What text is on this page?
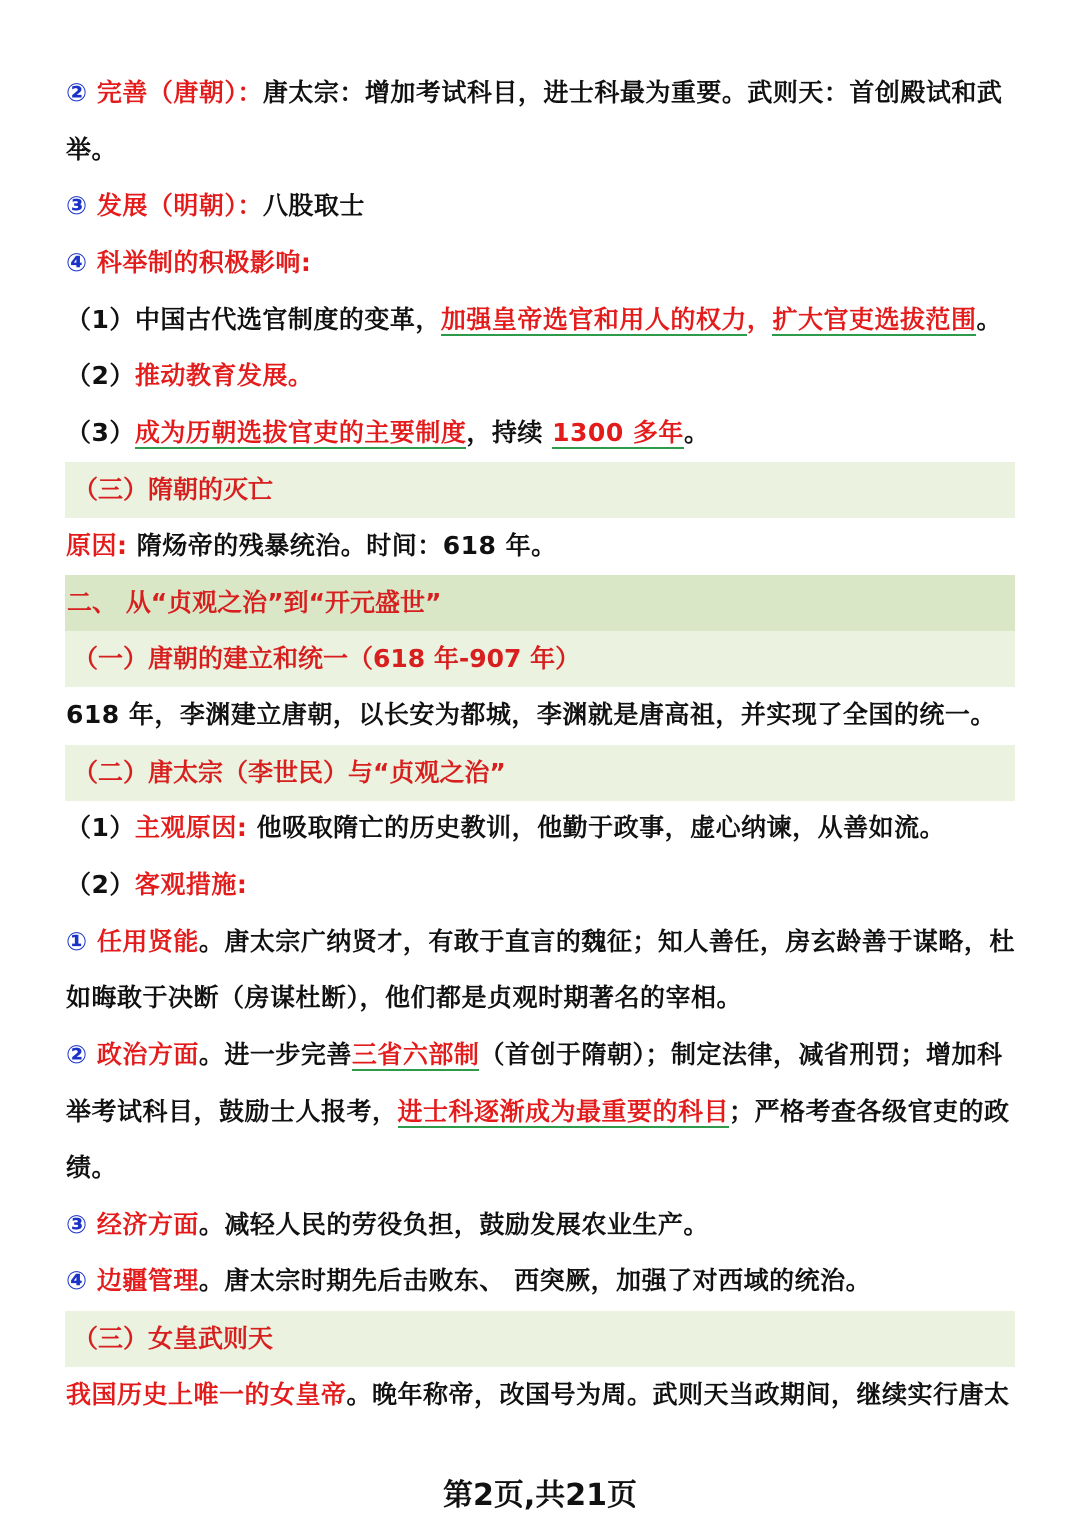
② 完善（唐朝）：唐太宗：增加考试科目，进士科最为重要。武则天：首创殿试和武
举。
③ 发展（明朝）：八股取士
④ 科举制的积极影响:
（1）中国古代选官制度的变革，加强皇帝选官和用人的权力，扩大官吏选拔范围。
（2）推动教育发展。
（3）成为历朝选拔官吏的主要制度，持续 1300 多年。
（三）隋朝的灭亡
原因: 隋炀帝的残暴统治。时间：618 年。
二、 从“贞观之治”到“开元盛世”
（一）唐朝的建立和统一（618 年-907 年）
618 年，李渊建立唐朝，以长安为都城，李渊就是唐高祖，并实现了全国的统一。
（二）唐太宗（李世民）与“贞观之治”
（1）主观原因: 他吸取隋亡的历史教训，他勤于政事，虚心纳谏，从善如流。
（2）客观措施:
① 任用贤能。唐太宗广纳贤才，有敢于直言的魏征；知人善任，房玄龄善于谋略，杜
如晦敢于决断（房谋杜断），他们都是贞观时期著名的宰相。
② 政治方面。进一步完善三省六部制（首创于隋朝）；制定法律，减省刑罚；增加科
举考试科目，鼓励士人报考，进士科逐渐成为最重要的科目；严格考查各级官吏的政
绩。
③ 经济方面。减轻人民的劳役负担，鼓励发展农业生产。
④ 边疆管理。唐太宗时期先后击败东、 西突厥，加强了对西域的统治。
（三）女皇武则天
我国历史上唯一的女皇帝。晚年称帝，改国号为周。武则天当政期间，继续实行唐太
第2页,共21页
